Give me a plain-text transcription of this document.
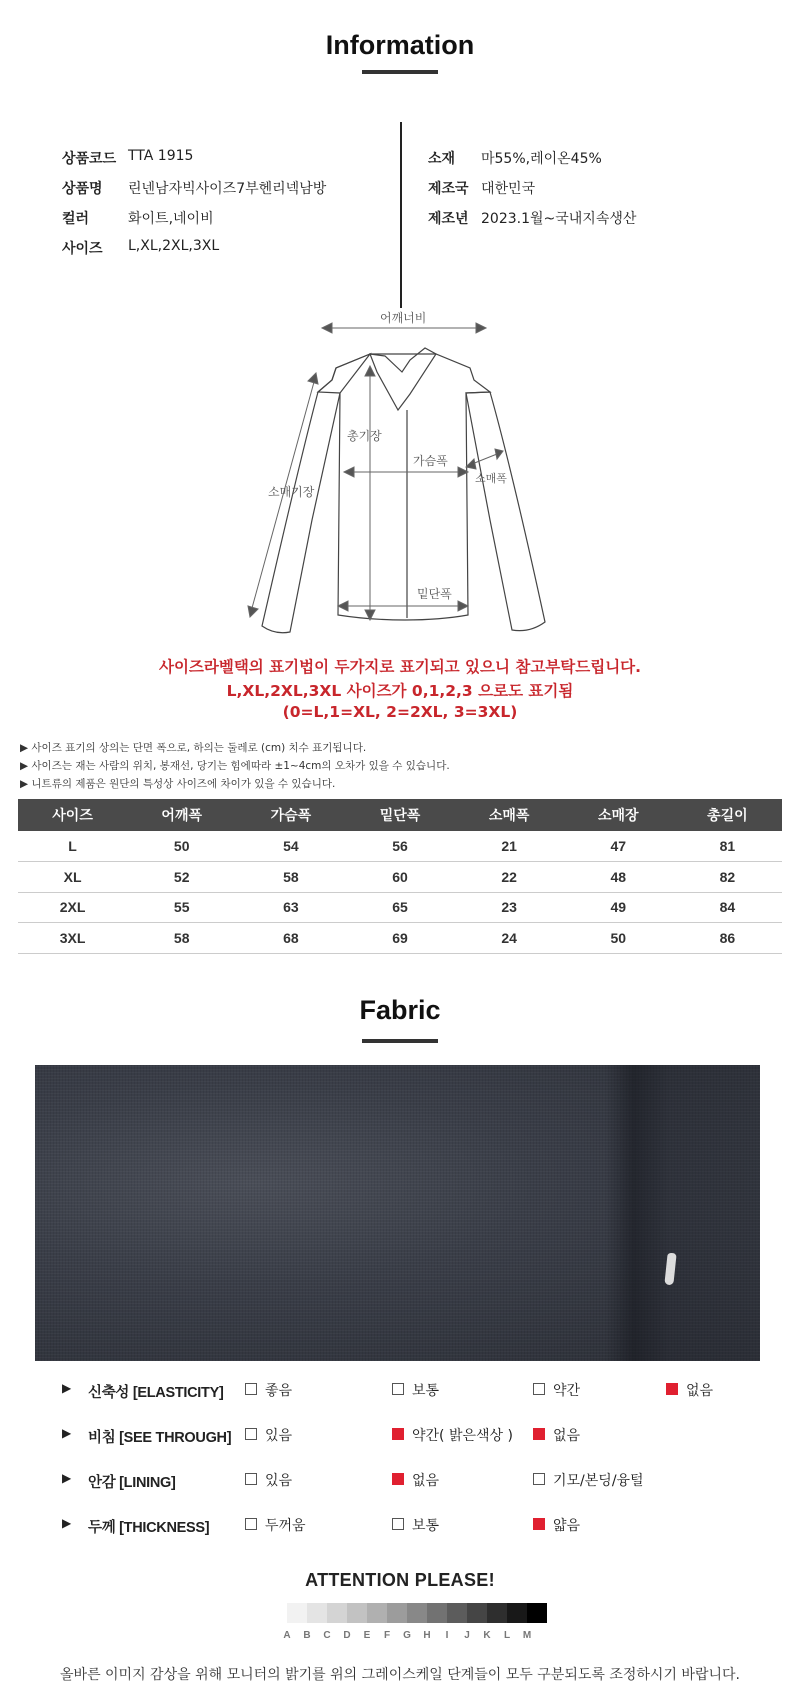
Information
상품코드 TTA 1915
상품명 린넨남자빅사이즈7부헨리넥남방
컬러	화이트,네이비
사이즈 L,XL,2XL,3XL
소재 마55%,레이온45%
제조국 대한민국
제조년 2023.1월~국내지속생산
어깨너비
총기장
가슴폭
소매폭
소매기장
밑단폭
사이즈라벨택의 표기법이 두가지로 표기되고 있으니 참고부탁드립니다.
L,XL,2XL,3XL 사이즈가 0,1,2,3 으로도 표기됨
(0=L,1=XL, 2=2XL, 3=3XL)
▶ 사이즈 표기의 상의는 단면 폭으로, 하의는 둘레로 (cm) 치수 표기됩니다.
▶ 사이즈는 재는 사람의 위치, 봉재선, 당기는 힘에따라 ±1~4cm의 오차가 있을 수 있습니다.
▶ 니트류의 제품은 원단의 특성상 사이즈에 차이가 있을 수 있습니다.
사이즈	어깨폭	가슴폭	밑단폭	소매폭	소매장	총길이
L	50	54	56	21	47	81
XL	52	58	60	22	48	82
2XL	55	63	65	23	49	84
3XL	58	68	69	24	50	86
Fabric
▶ 신축성 [ELASTICITY]	좋음	보통	약간	없음
▶ 비침 [SEE THROUGH] 있음	약간( 밝은색상 )	없음
▶ 안감 [LINING]	있음	없음	기모/본딩/융털
▶ 두께 [THICKNESS]	두꺼움	보통	얇음
ATTENTION PLEASE!
A	B	C	D	E	F	G	H	I	J	K	L	M
올바른 이미지 감상을 위해 모니터의 밝기를 위의 그레이스케일 단계들이 모두 구분되도록 조정하시기 바랍니다.
